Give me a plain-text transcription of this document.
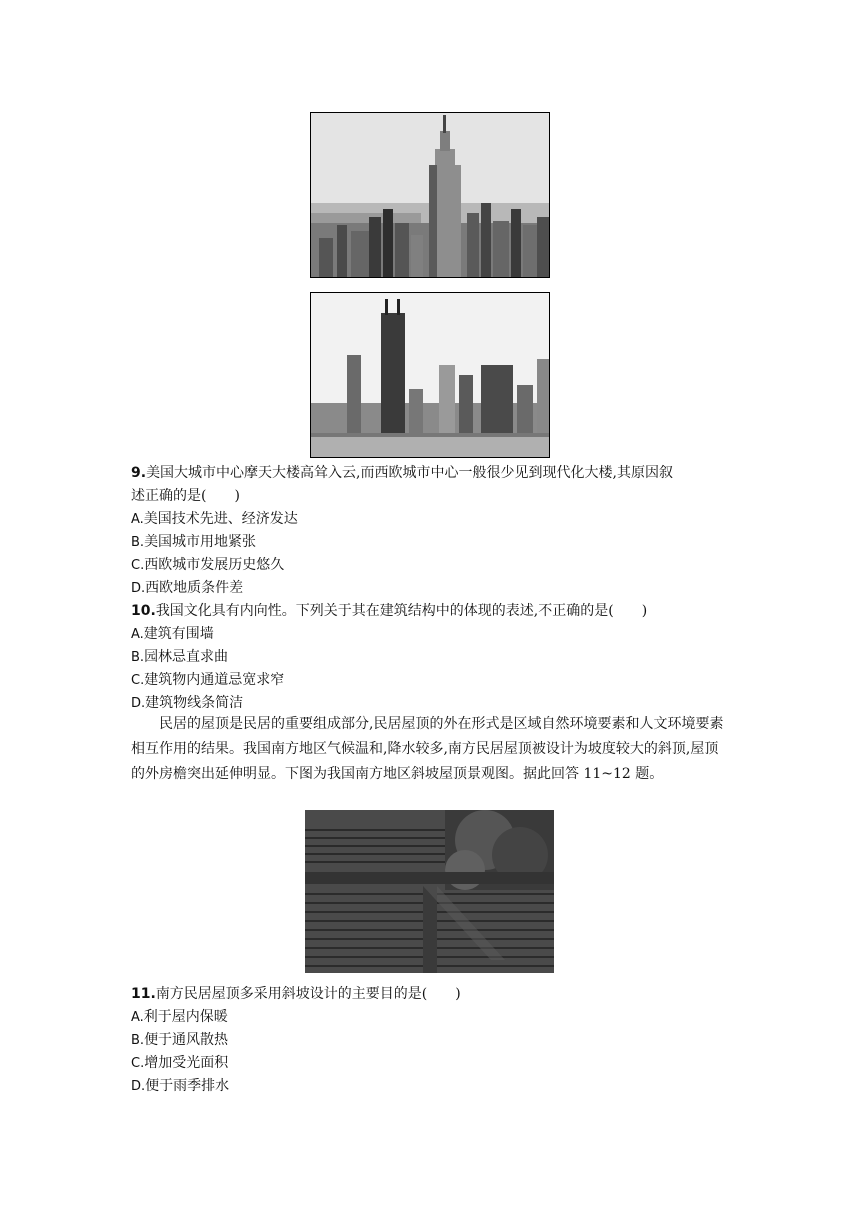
9.美国大城市中心摩天大楼高耸入云,而西欧城市中心一般很少见到现代化大楼,其原因叙
述正确的是(　　)
A.美国技术先进、经济发达
B.美国城市用地紧张
C.西欧城市发展历史悠久
D.西欧地质条件差
10.我国文化具有内向性。下列关于其在建筑结构中的体现的表述,不正确的是(　　)
A.建筑有围墙
B.园林忌直求曲
C.建筑物内通道忌宽求窄
D.建筑物线条简洁
民居的屋顶是民居的重要组成部分,民居屋顶的外在形式是区域自然环境要素和人文环境要素相互作用的结果。我国南方地区气候温和,降水较多,南方民居屋顶被设计为坡度较大的斜顶,屋顶的外房檐突出延伸明显。下图为我国南方地区斜坡屋顶景观图。据此回答 11~12 题。
11.南方民居屋顶多采用斜坡设计的主要目的是(　　)
A.利于屋内保暖
B.便于通风散热
C.增加受光面积
D.便于雨季排水
